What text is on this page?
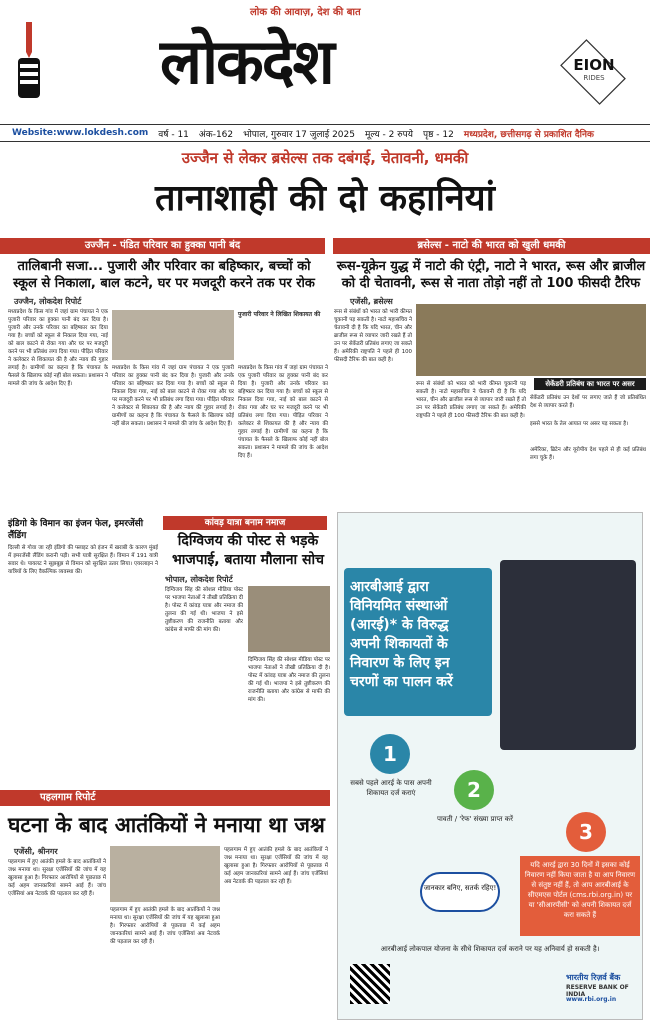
लोक की आवाज़, देश की बात
लोकदेश	EION
RIDES
Website:www.lokdesh.com वर्ष - 11 अंक-162 भोपाल, गुरुवार 17 जुलाई 2025 मूल्य - 2 रुपये पृष्ठ - 12 मध्यप्रदेश, छत्तीसगढ़ से प्रकाशित दैनिक
उज्जैन से लेकर ब्रसेल्स तक दबंगई, चेतावनी, धमकी
तानाशाही की दो कहानियां
उज्जैन - पंडित परिवार का हुक्का पानी बंद
तालिबानी सजा... पुजारी और परिवार का बहिष्कार, बच्चों को स्कूल से निकाला, बाल कटने, घर पर मजदूरी करने तक पर रोक
उज्जैन, लोकदेश रिपोर्ट
मध्यप्रदेश के किस गांव में जहां ग्राम पंचायत ने एक पुजारी परिवार का हुक्का पानी बंद कर दिया है। पुजारी और उनके परिवार का बहिष्कार कर दिया गया है। बच्चों को स्कूल से निकाल दिया गया, नाई को बाल काटने से रोका गया और घर पर मजदूरी करने पर भी प्रतिबंध लगा दिया गया। पीड़ित परिवार ने कलेक्टर से शिकायत की है और न्याय की गुहार लगाई है। ग्रामीणों का कहना है कि पंचायत के फैसले के खिलाफ कोई नहीं बोल सकता। प्रशासन ने मामले की जांच के आदेश दिए हैं।
मध्यप्रदेश के किस गांव में जहां ग्राम पंचायत ने एक पुजारी परिवार का हुक्का पानी बंद कर दिया है। पुजारी और उनके परिवार का बहिष्कार कर दिया गया है। बच्चों को स्कूल से निकाल दिया गया, नाई को बाल काटने से रोका गया और घर पर मजदूरी करने पर भी प्रतिबंध लगा दिया गया। पीड़ित परिवार ने कलेक्टर से शिकायत की है और न्याय की गुहार लगाई है। ग्रामीणों का कहना है कि पंचायत के फैसले के खिलाफ कोई नहीं बोल सकता। प्रशासन ने मामले की जांच के आदेश दिए हैं।
मध्यप्रदेश के किस गांव में जहां ग्राम पंचायत ने एक पुजारी परिवार का हुक्का पानी बंद कर दिया है। पुजारी और उनके परिवार का बहिष्कार कर दिया गया है। बच्चों को स्कूल से निकाल दिया गया, नाई को बाल काटने से रोका गया और घर पर मजदूरी करने पर भी प्रतिबंध लगा दिया गया। पीड़ित परिवार ने कलेक्टर से शिकायत की है और न्याय की गुहार लगाई है। ग्रामीणों का कहना है कि पंचायत के फैसले के खिलाफ कोई नहीं बोल सकता। प्रशासन ने मामले की जांच के आदेश दिए हैं।
पुजारी परिवार ने लिखित शिकायत की
ब्रसेल्स - नाटो की भारत को खुली धमकी
रूस-यूक्रेन युद्ध में नाटो की एंट्री, नाटो ने भारत, रूस और ब्राजील को दी चेतावनी, रूस से नाता तोड़ो नहीं तो 100 फीसदी टैरिफ
एजेंसी, ब्रसेल्स
रूस से संबंधों को भारत को भारी कीमत चुकानी पड़ सकती है। नाटो महासचिव ने चेतावनी दी है कि यदि भारत, चीन और ब्राजील रूस से व्यापार जारी रखते हैं तो उन पर सेकेंडरी प्रतिबंध लगाए जा सकते हैं। अमेरिकी राष्ट्रपति ने पहले ही 100 फीसदी टैरिफ की बात कही है।
सेकेंडरी प्रतिबंध का भारत पर असर
रूस से संबंधों को भारत को भारी कीमत चुकानी पड़ सकती है। नाटो महासचिव ने चेतावनी दी है कि यदि भारत, चीन और ब्राजील रूस से व्यापार जारी रखते हैं तो उन पर सेकेंडरी प्रतिबंध लगाए जा सकते हैं। अमेरिकी राष्ट्रपति ने पहले ही 100 फीसदी टैरिफ की बात कही है।
सेकेंडरी प्रतिबंध उन देशों पर लगाए जाते हैं जो प्रतिबंधित देश से व्यापार करते हैं।
इससे भारत के तेल आयात पर असर पड़ सकता है।
अमेरिका, ब्रिटेन और यूरोपीय देश पहले से ही कई प्रतिबंध लगा चुके हैं।
इंडिगो के विमान का इंजन फेल, इमरजेंसी लैंडिंग
दिल्ली से गोवा जा रही इंडिगो की फ्लाइट को इंजन में खराबी के कारण मुंबई में इमरजेंसी लैंडिंग करानी पड़ी। सभी यात्री सुरक्षित हैं। विमान में 191 यात्री सवार थे। पायलट ने सूझबूझ से विमान को सुरक्षित उतार लिया। एयरलाइन ने यात्रियों के लिए वैकल्पिक व्यवस्था की।
कांवड़ यात्रा बनाम नमाज
दिग्विजय की पोस्ट से भड़के भाजपाई, बताया मौलाना सोच
भोपाल, लोकदेश रिपोर्ट
दिग्विजय सिंह की सोशल मीडिया पोस्ट पर भाजपा नेताओं ने तीखी प्रतिक्रिया दी है। पोस्ट में कांवड़ यात्रा और नमाज की तुलना की गई थी। भाजपा ने इसे तुष्टीकरण की राजनीति बताया और कांग्रेस से माफी की मांग की।
दिग्विजय सिंह की सोशल मीडिया पोस्ट पर भाजपा नेताओं ने तीखी प्रतिक्रिया दी है। पोस्ट में कांवड़ यात्रा और नमाज की तुलना की गई थी। भाजपा ने इसे तुष्टीकरण की राजनीति बताया और कांग्रेस से माफी की मांग की।
पहलगाम रिपोर्ट
घटना के बाद आतंकियों ने मनाया था जश्न
एजेंसी, श्रीनगर
पहलगाम में हुए आतंकी हमले के बाद आतंकियों ने जश्न मनाया था। सुरक्षा एजेंसियों की जांच में यह खुलासा हुआ है। गिरफ्तार आरोपियों से पूछताछ में कई अहम जानकारियां सामने आई हैं। जांच एजेंसियां अब नेटवर्क की पड़ताल कर रही हैं।
पहलगाम में हुए आतंकी हमले के बाद आतंकियों ने जश्न मनाया था। सुरक्षा एजेंसियों की जांच में यह खुलासा हुआ है। गिरफ्तार आरोपियों से पूछताछ में कई अहम जानकारियां सामने आई हैं। जांच एजेंसियां अब नेटवर्क की पड़ताल कर रही हैं।
पहलगाम में हुए आतंकी हमले के बाद आतंकियों ने जश्न मनाया था। सुरक्षा एजेंसियों की जांच में यह खुलासा हुआ है। गिरफ्तार आरोपियों से पूछताछ में कई अहम जानकारियां सामने आई हैं। जांच एजेंसियां अब नेटवर्क की पड़ताल कर रही हैं।
आरबीआई द्वारा विनियमित संस्थाओं (आरई)* के विरुद्ध अपनी शिकायतों के निवारण के लिए इन चरणों का पालन करें
1
सबसे पहले आरई के पास अपनी शिकायत दर्ज कराएं	2
पावती / 'रेफ' संख्या प्राप्त करें
3
यदि आरई द्वारा 30 दिनों में इसका कोई निवारण नहीं किया जाता है या आप निवारण से संतुष्ट नहीं हैं, तो आप आरबीआई के सीएमएस पोर्टल (cms.rbi.org.in) पर या 'सीआरपीसी' को अपनी शिकायत दर्ज करा सकते हैं
जानकार बनिए, सतर्क रहिए!
आरबीआई लोकपाल योजना के सीधे शिकायत दर्ज कराने पर यह अनिवार्य हो सकती है।
भारतीय रिज़र्व बैंक
RESERVE BANK OF INDIA
www.rbi.org.in
